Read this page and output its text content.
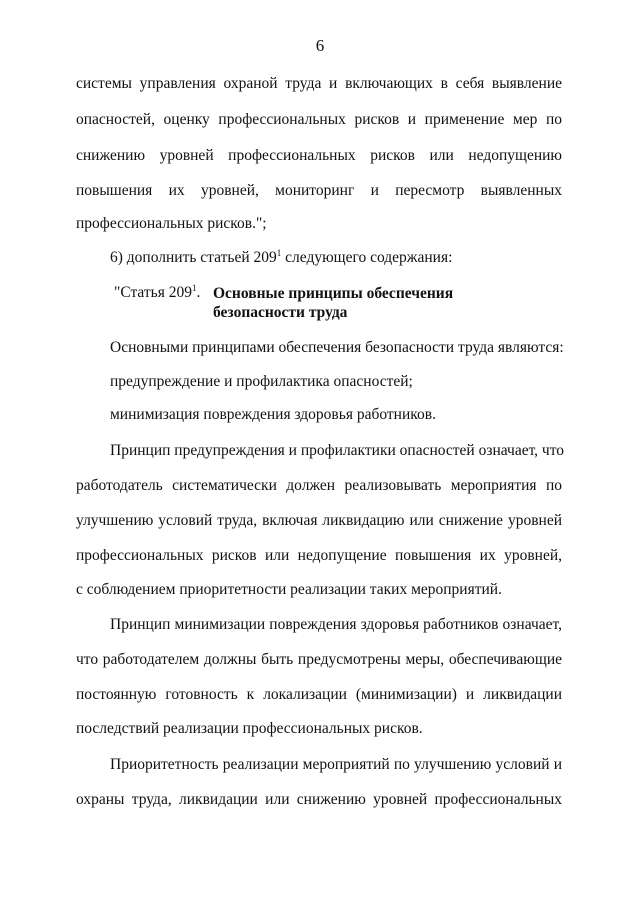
6
системы управления охраной труда и включающих в себя выявление
опасностей, оценку профессиональных рисков и применение мер по
снижению уровней профессиональных рисков или недопущению
повышения их уровней, мониторинг и пересмотр выявленных
профессиональных рисков.";
6) дополнить статьей $209^1$ следующего содержания:
"Статья $209^1$. Основные принципы обеспечения
безопасности труда
Основными принципами обеспечения безопасности труда являются:
предупреждение и профилактика опасностей;
минимизация повреждения здоровья работников.
Принцип предупреждения и профилактики опасностей означает, что
работодатель систематически должен реализовывать мероприятия по
улучшению условий труда, включая ликвидацию или снижение уровней
профессиональных рисков или недопущение повышения их уровней,
с соблюдением приоритетности реализации таких мероприятий.
Принцип минимизации повреждения здоровья работников означает,
что работодателем должны быть предусмотрены меры, обеспечивающие
постоянную готовность к локализации (минимизации) и ликвидации
последствий реализации профессиональных рисков.
Приоритетность реализации мероприятий по улучшению условий и
охраны труда, ликвидации или снижению уровней профессиональных
